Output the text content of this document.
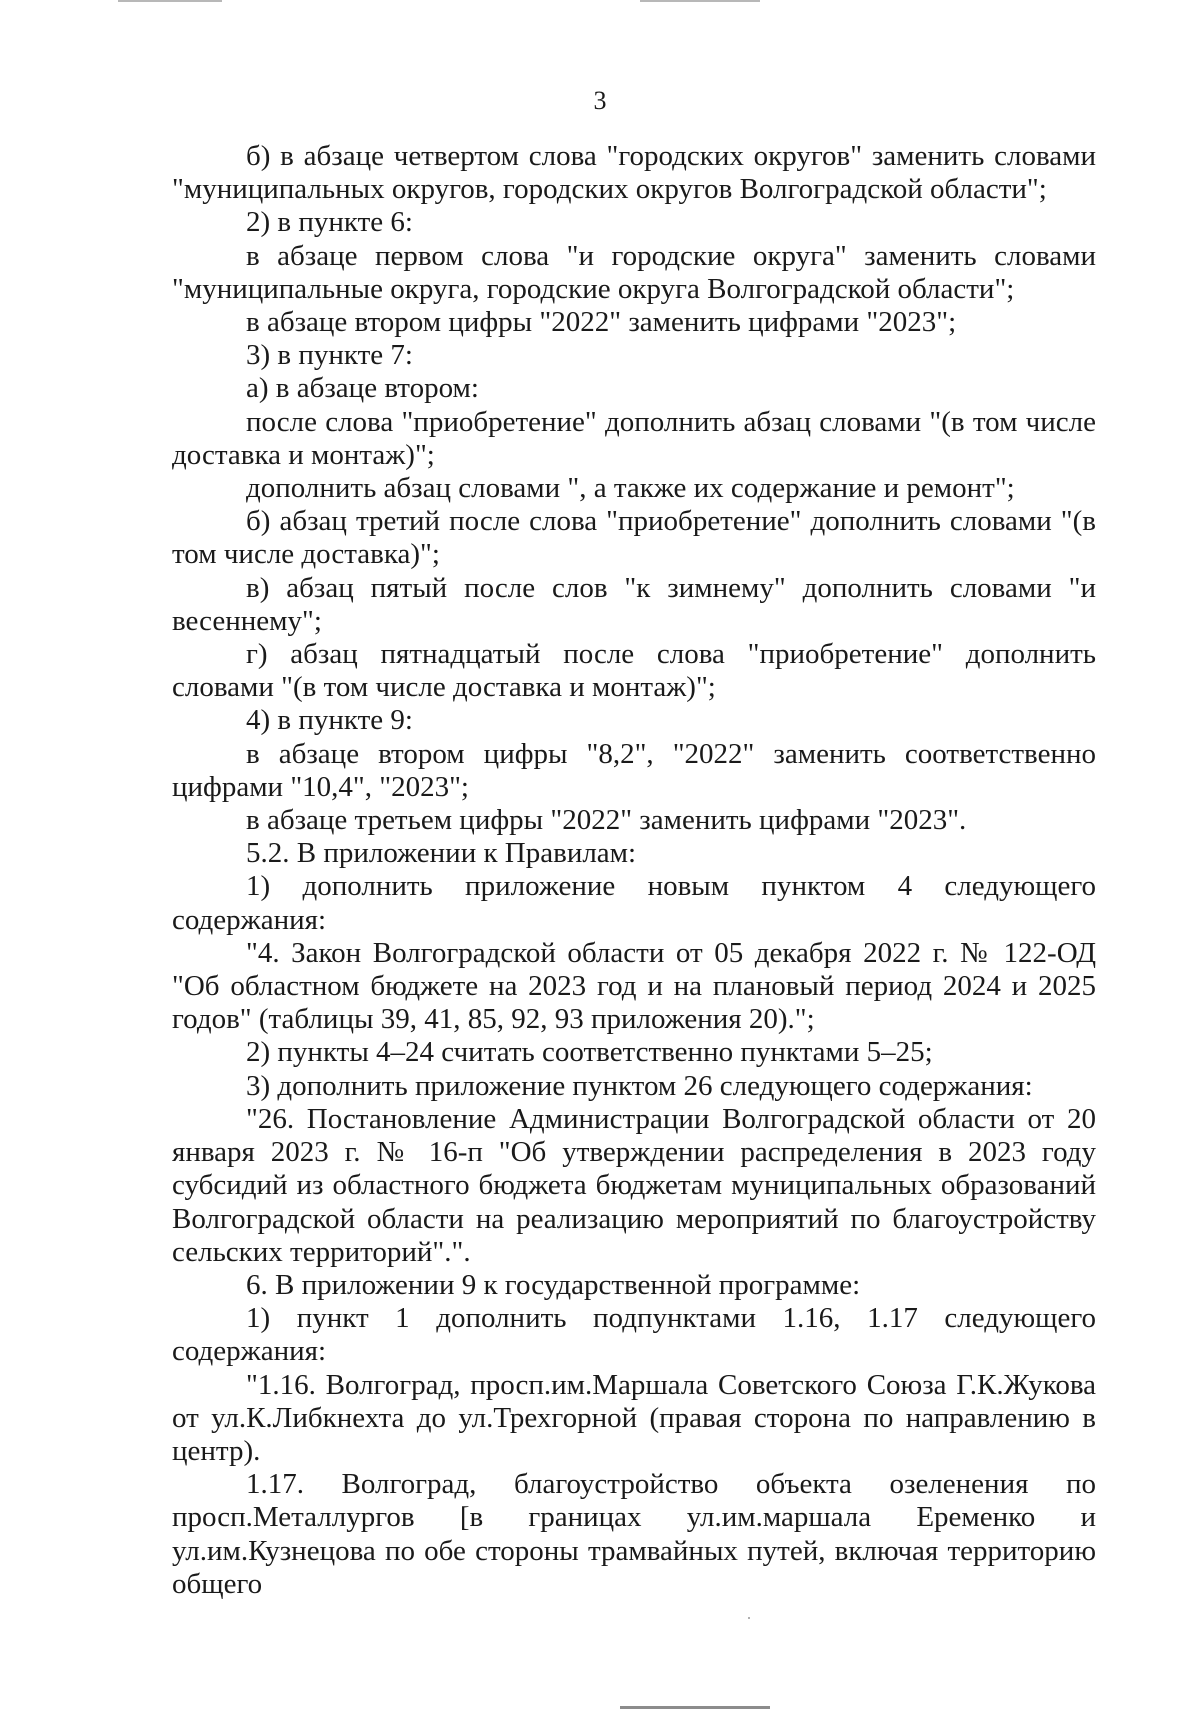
3

б) в абзаце четвертом слова "городских округов" заменить словами "муниципальных округов, городских округов Волгоградской области";

2) в пункте 6:

в абзаце первом слова "и городские округа" заменить словами "муниципальные округа, городские округа Волгоградской области";

в абзаце втором цифры "2022" заменить цифрами "2023";

3) в пункте 7:

а) в абзаце втором:

после слова "приобретение" дополнить абзац словами "(в том числе доставка и монтаж)";

дополнить абзац словами ", а также их содержание и ремонт";

б) абзац третий после слова "приобретение" дополнить словами "(в том числе доставка)";

в) абзац пятый после слов "к зимнему" дополнить словами "и весеннему";

г) абзац пятнадцатый после слова "приобретение" дополнить словами "(в том числе доставка и монтаж)";

4) в пункте 9:

в абзаце втором цифры "8,2", "2022" заменить соответственно цифрами "10,4", "2023";

в абзаце третьем цифры "2022" заменить цифрами "2023".

5.2. В приложении к Правилам:

1) дополнить приложение новым пунктом 4 следующего содержания:

"4. Закон Волгоградской области от 05 декабря 2022 г. № 122-ОД "Об областном бюджете на 2023 год и на плановый период 2024 и 2025 годов" (таблицы 39, 41, 85, 92, 93 приложения 20).";

2) пункты 4–24 считать соответственно пунктами 5–25;

3) дополнить приложение пунктом 26 следующего содержания:

"26. Постановление Администрации Волгоградской области от 20 января 2023 г. № 16-п "Об утверждении распределения в 2023 году субсидий из областного бюджета бюджетам муниципальных образований Волгоградской области на реализацию мероприятий по благоустройству сельских территорий".".

6. В приложении 9 к государственной программе:

1) пункт 1 дополнить подпунктами 1.16, 1.17 следующего содержания:

"1.16. Волгоград, просп.им.Маршала Советского Союза Г.К.Жукова от ул.К.Либкнехта до ул.Трехгорной (правая сторона по направлению в центр).

1.17. Волгоград, благоустройство объекта озеленения по просп.Металлургов [в границах ул.им.маршала Еременко и ул.им.Кузнецова по обе стороны трамвайных путей, включая территорию общего
